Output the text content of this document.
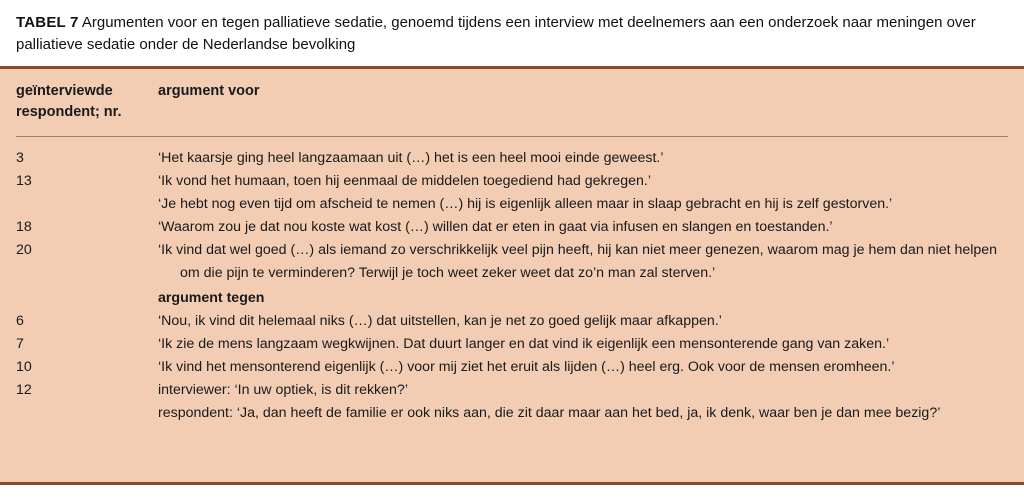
TABEL 7 Argumenten voor en tegen palliatieve sedatie, genoemd tijdens een interview met deelnemers aan een onderzoek naar meningen over palliatieve sedatie onder de Nederlandse bevolking
geïnterviewde
respondent; nr.
argument voor
3	‘Het kaarsje ging heel langzaamaan uit (…) het is een heel mooi einde geweest.’
13	‘Ik vond het humaan, toen hij eenmaal de middelen toegediend had gekregen.’
‘Je hebt nog even tijd om afscheid te nemen (…) hij is eigenlijk alleen maar in slaap gebracht en hij is zelf gestorven.’
18	‘Waarom zou je dat nou koste wat kost (…) willen dat er eten in gaat via infusen en slangen en toestanden.’
20	‘Ik vind dat wel goed (…) als iemand zo verschrikkelijk veel pijn heeft, hij kan niet meer genezen, waarom mag je hem dan niet helpen
om die pijn te verminderen? Terwijl je toch weet zeker weet dat zo’n man zal sterven.’
argument tegen
6	‘Nou, ik vind dit helemaal niks (…) dat uitstellen, kan je net zo goed gelijk maar afkappen.’
7	‘Ik zie de mens langzaam wegkwijnen. Dat duurt langer en dat vind ik eigenlijk een mensonterende gang van zaken.’
10	‘Ik vind het mensonterend eigenlijk (…) voor mij ziet het eruit als lijden (…) heel erg. Ook voor de mensen eromheen.’
12	interviewer: ‘In uw optiek, is dit rekken?’
respondent: ‘Ja, dan heeft de familie er ook niks aan, die zit daar maar aan het bed, ja, ik denk, waar ben je dan mee bezig?’
